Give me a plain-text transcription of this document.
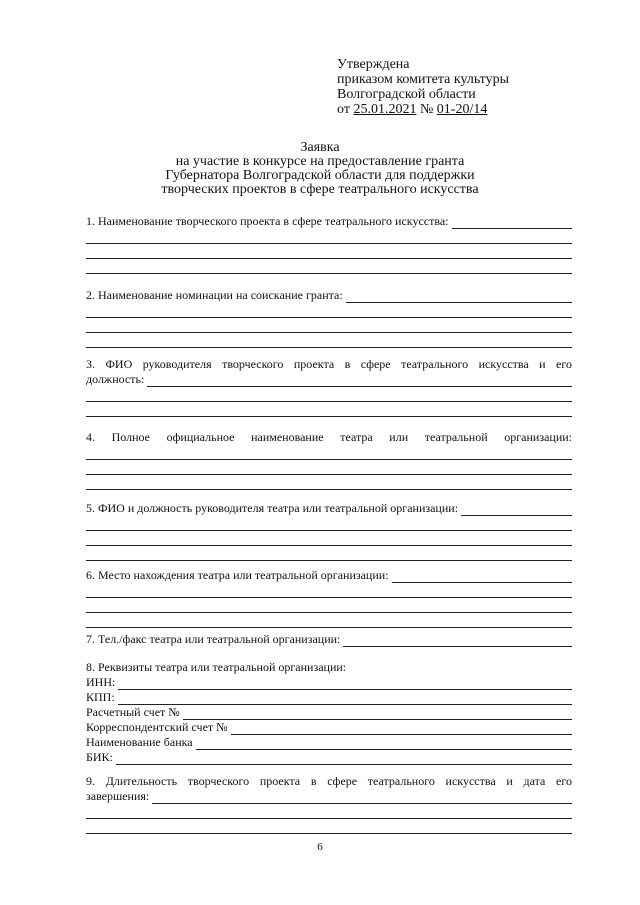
Утверждена
приказом комитета культуры
Волгоградской области
от 25.01.2021 № 01-20/14
Заявка
на участие в конкурсе на предоставление гранта
Губернатора Волгоградской области для поддержки
творческих проектов в сфере театрального искусства
1. Наименование творческого проекта в сфере театрального искусства:
2. Наименование номинации на соискание гранта:
3. ФИО руководителя творческого проекта в сфере театрального искусства и его
должность:
4. Полное официальное наименование театра или театральной организации:
5. ФИО и должность руководителя театра или театральной организации:
6. Место нахождения театра или театральной организации:
7. Тел./факс театра или театральной организации:
8. Реквизиты театра или театральной организации:
ИНН:
КПП:
Расчетный счет №
Корреспондентский счет №
Наименование банка
БИК:
9. Длительность творческого проекта в сфере театрального искусства и дата его
завершения:
6
